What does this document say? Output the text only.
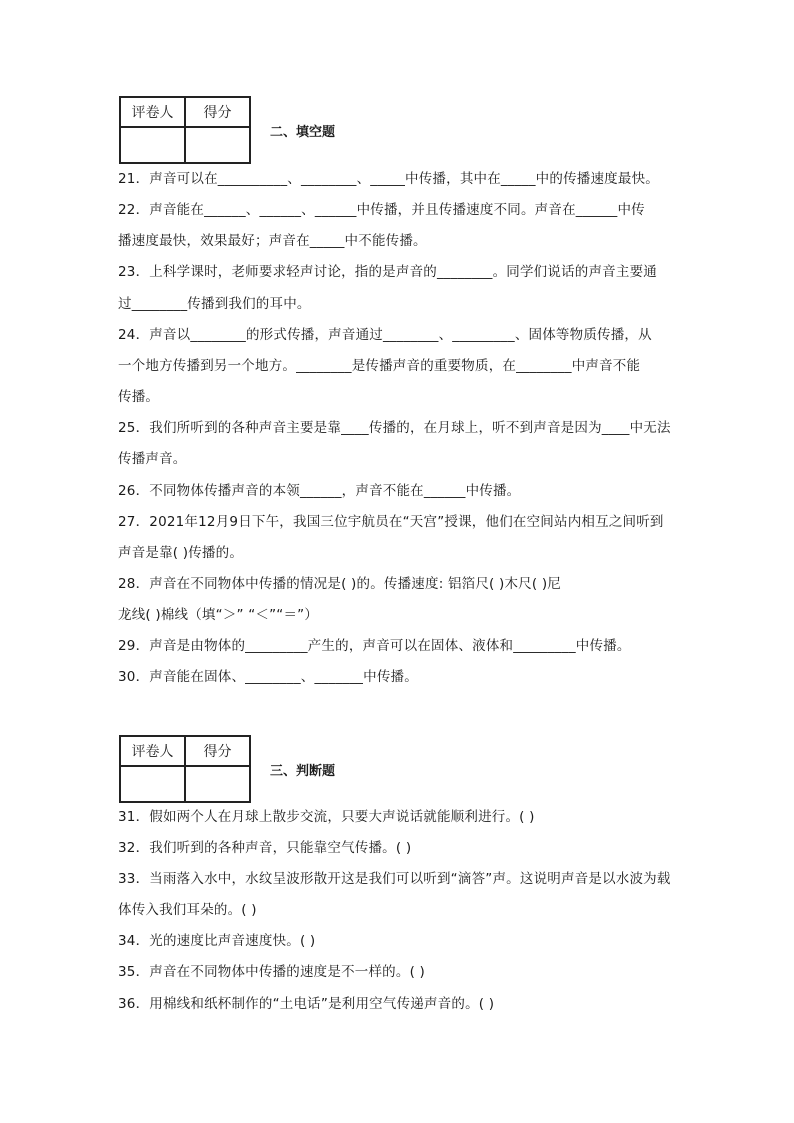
评卷人	得分

二、填空题
21．声音可以在__________、________、_____中传播，其中在_____中的传播速度最快。
22．声音能在______、______、______中传播，并且传播速度不同。声音在______中传
播速度最快，效果最好；声音在_____中不能传播。
23．上科学课时，老师要求轻声讨论，指的是声音的________。同学们说话的声音主要通
过________传播到我们的耳中。
24．声音以________的形式传播，声音通过________、_________、固体等物质传播，从
一个地方传播到另一个地方。________是传播声音的重要物质，在________中声音不能
传播。
25．我们所听到的各种声音主要是靠____传播的，在月球上，听不到声音是因为____中无法
传播声音。
26．不同物体传播声音的本领______，声音不能在______中传播。
27．2021年12月9日下午，我国三位宇航员在“天宫”授课，他们在空间站内相互之间听到
声音是靠( )传播的。
28．声音在不同物体中传播的情况是( )的。传播速度: 铝箔尺( )木尺( )尼
龙线( )棉线（填“＞” “＜”“＝”）
29．声音是由物体的_________产生的，声音可以在固体、液体和_________中传播。
30．声音能在固体、________、_______中传播。
评卷人	得分

三、判断题
31．假如两个人在月球上散步交流，只要大声说话就能顺利进行。( )
32．我们听到的各种声音，只能靠空气传播。( )
33．当雨落入水中，水纹呈波形散开这是我们可以听到“滴答”声。这说明声音是以水波为载
体传入我们耳朵的。( )
34．光的速度比声音速度快。( )
35．声音在不同物体中传播的速度是不一样的。( )
36．用棉线和纸杯制作的“土电话”是利用空气传递声音的。( )
